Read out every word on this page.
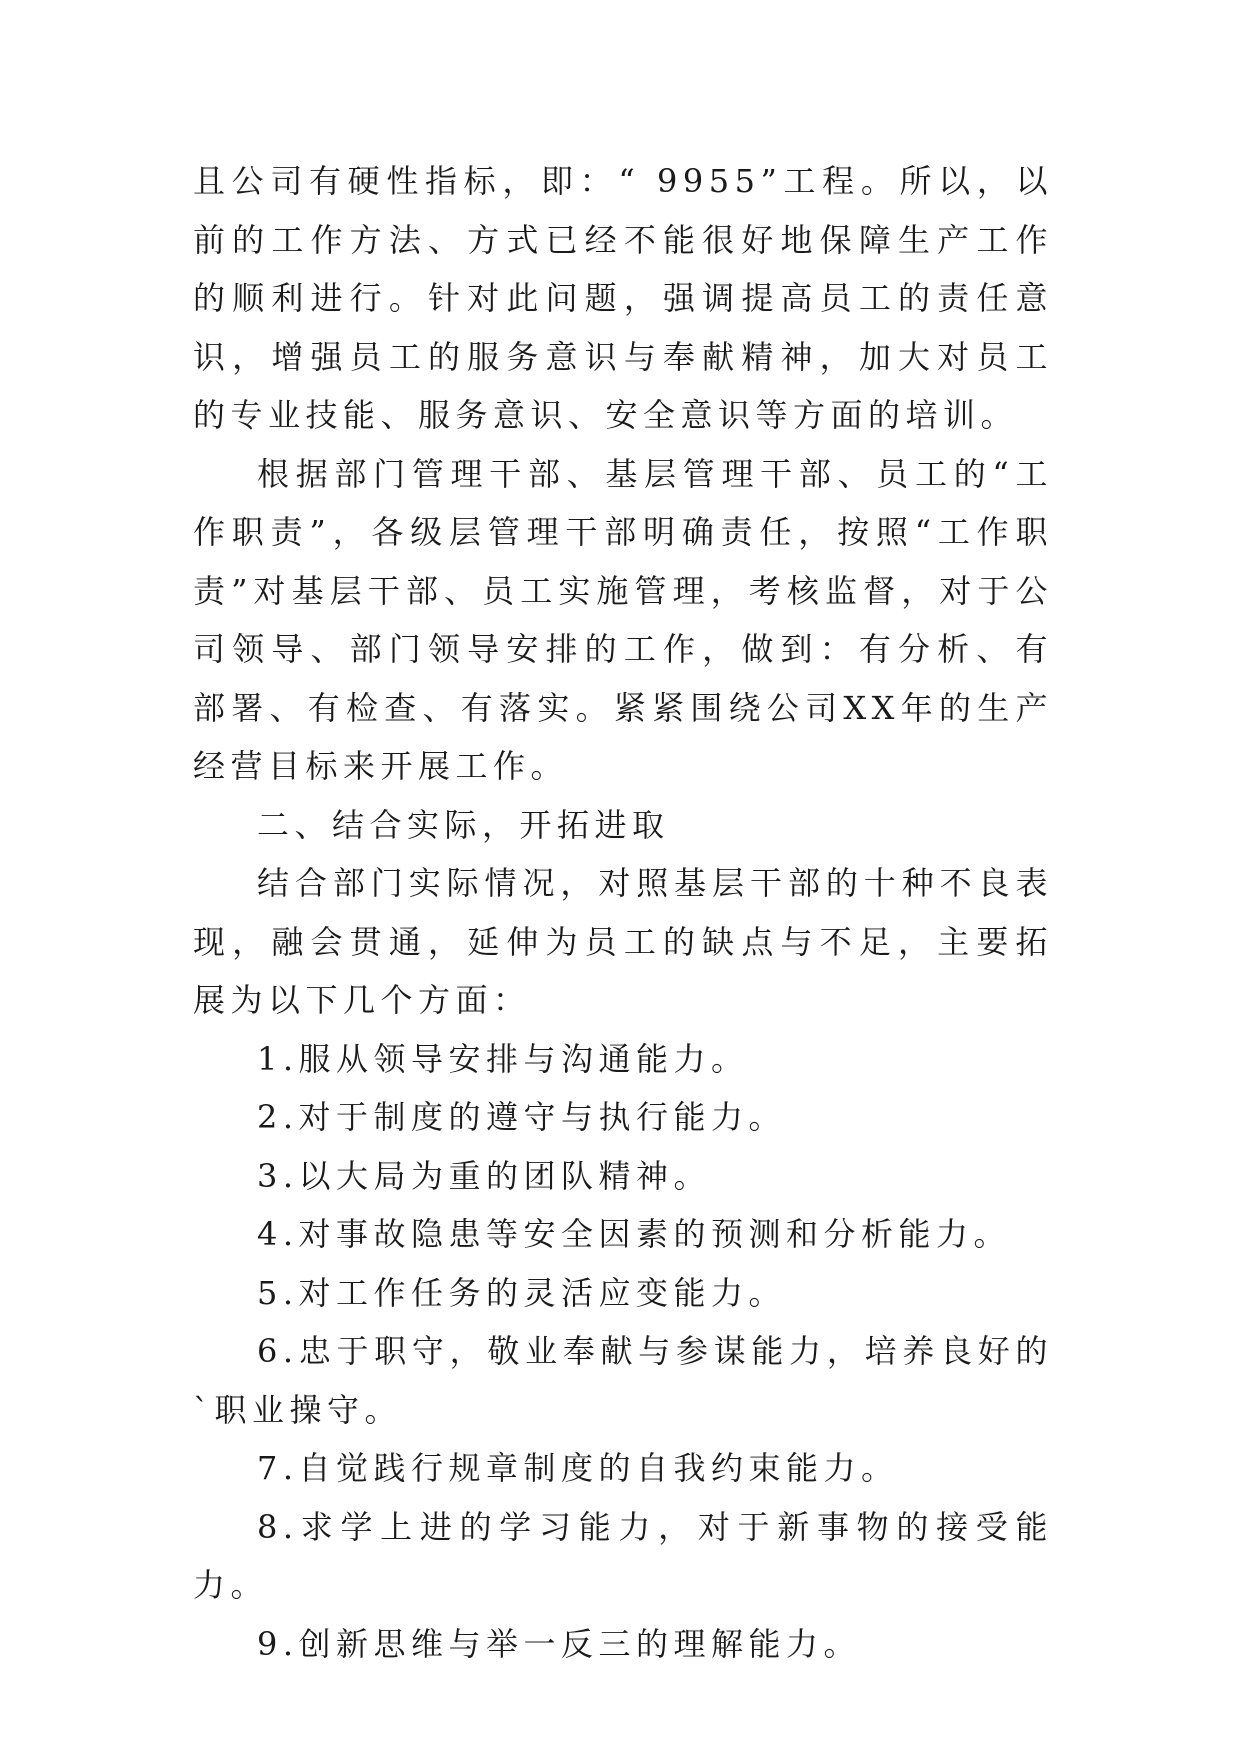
且公司有硬性指标，即：“ 9955”工程。所以，以前的工作方法、方式已经不能很好地保障生产工作的顺利进行。针对此问题，强调提高员工的责任意识，增强员工的服务意识与奉献精神，加大对员工的专业技能、服务意识、安全意识等方面的培训。

根据部门管理干部、基层管理干部、员工的“工作职责”，各级层管理干部明确责任，按照“工作职责”对基层干部、员工实施管理，考核监督，对于公司领导、部门领导安排的工作，做到：有分析、有部署、有检查、有落实。紧紧围绕公司XX年的生产经营目标来开展工作。

二、结合实际，开拓进取

结合部门实际情况，对照基层干部的十种不良表现，融会贯通，延伸为员工的缺点与不足，主要拓展为以下几个方面：

1.服从领导安排与沟通能力。

2.对于制度的遵守与执行能力。

3.以大局为重的团队精神。

4.对事故隐患等安全因素的预测和分析能力。

5.对工作任务的灵活应变能力。

6.忠于职守，敬业奉献与参谋能力，培养良好的`职业操守。

7.自觉践行规章制度的自我约束能力。

8.求学上进的学习能力，对于新事物的接受能力。

9.创新思维与举一反三的理解能力。
